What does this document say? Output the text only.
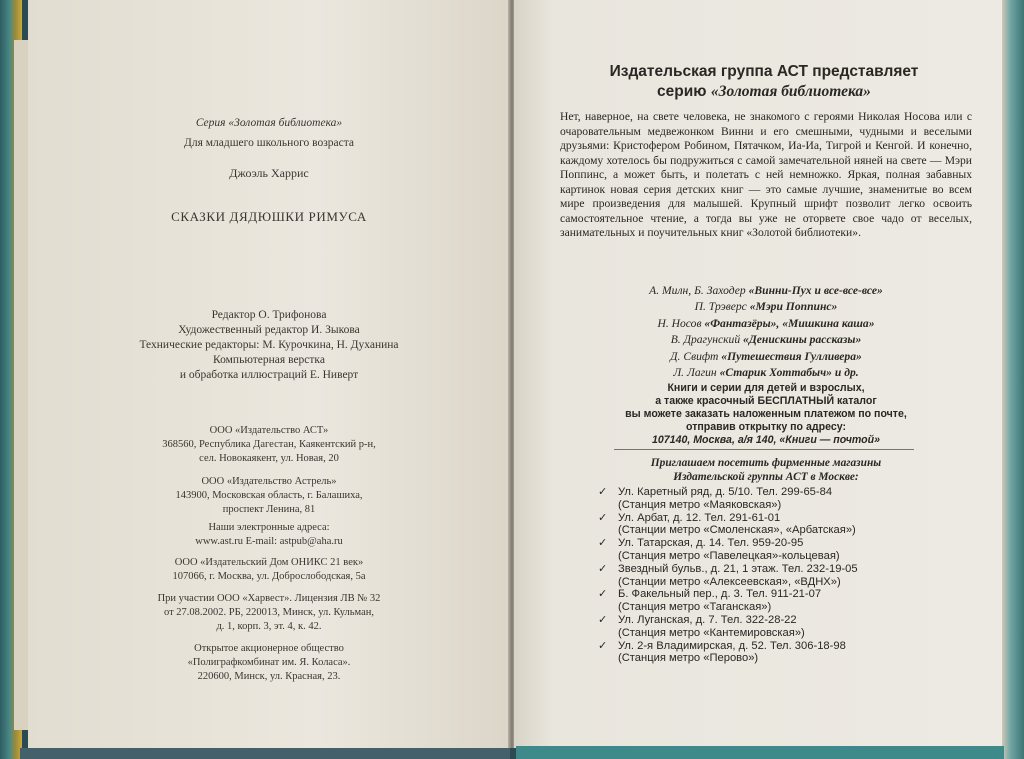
Серия «Золотая библиотека»
Для младшего школьного возраста
Джоэль Харрис
СКАЗКИ ДЯДЮШКИ РИМУСА
Редактор О. Трифонова
Художественный редактор И. Зыкова
Технические редакторы: М. Курочкина, Н. Духанина
Компьютерная верстка
и обработка иллюстраций Е. Ниверт
ООО «Издательство АСТ»
368560, Республика Дагестан, Каякентский р-н,
сел. Новокаякент, ул. Новая, 20
ООО «Издательство Астрель»
143900, Московская область, г. Балашиха,
проспект Ленина, 81
Наши электронные адреса:
www.ast.ru E-mail: astpub@aha.ru
ООО «Издательский Дом ОНИКС 21 век»
107066, г. Москва, ул. Доброслободская, 5а
При участии ООО «Харвест». Лицензия ЛВ № 32
от 27.08.2002. РБ, 220013, Минск, ул. Кульман,
д. 1, корп. 3, эт. 4, к. 42.
Открытое акционерное общество
«Полиграфкомбинат им. Я. Коласа».
220600, Минск, ул. Красная, 23.
Издательская группа АСТ представляет
серию «Золотая библиотека»
Нет, наверное, на свете человека, не знакомого с героями Николая Носова или с очаровательным медвежонком Винни и его смешными, чудными и веселыми друзьями: Кристофером Робином, Пятачком, Иа-Иа, Тигрой и Кенгой. И конечно, каждому хотелось бы подружиться с самой замечательной няней на свете — Мэри Поппинс, а может быть, и полетать с ней немножко. Яркая, полная забавных картинок новая серия детских книг — это самые лучшие, знаменитые во всем мире произведения для малышей. Крупный шрифт позволит легко освоить самостоятельное чтение, а тогда вы уже не оторвете свое чадо от веселых, занимательных и поучительных книг «Золотой библиотеки».
А. Милн, Б. Заходер «Винни-Пух и все-все-все»
П. Трэверс «Мэри Поппинс»
Н. Носов «Фантазёры», «Мишкина каша»
В. Драгунский «Денискины рассказы»
Д. Свифт «Путешествия Гулливера»
Л. Лагин «Старик Хоттабыч» и др.
Книги и серии для детей и взрослых,
а также красочный БЕСПЛАТНЫЙ каталог
вы можете заказать наложенным платежом по почте,
отправив открытку по адресу:
107140, Москва, а/я 140, «Книги — почтой»
Приглашаем посетить фирменные магазины
Издательской группы АСТ в Москве:
✓ Ул. Каретный ряд, д. 5/10. Тел. 299-65-84
(Станция метро «Маяковская»)
✓ Ул. Арбат, д. 12. Тел. 291-61-01
(Станции метро «Смоленская», «Арбатская»)
✓ Ул. Татарская, д. 14. Тел. 959-20-95
(Станция метро «Павелецкая»-кольцевая)
✓ Звездный бульв., д. 21, 1 этаж. Тел. 232-19-05
(Станции метро «Алексеевская», «ВДНХ»)
✓ Б. Факельный пер., д. 3. Тел. 911-21-07
(Станция метро «Таганская»)
✓ Ул. Луганская, д. 7. Тел. 322-28-22
(Станция метро «Кантемировская»)
✓ Ул. 2-я Владимирская, д. 52. Тел. 306-18-98
(Станция метро «Перово»)
